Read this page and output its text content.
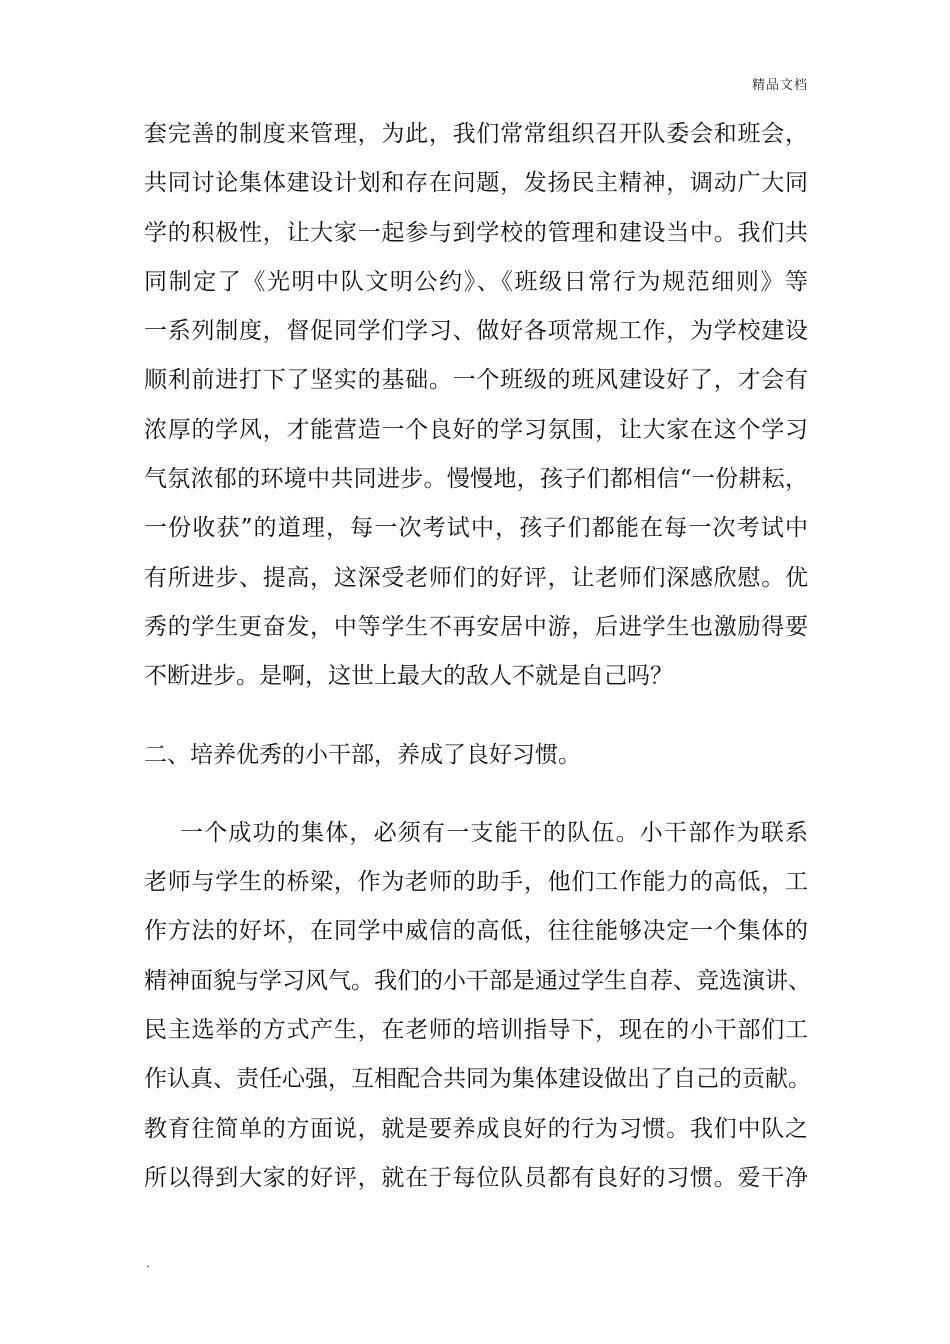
精品文档
套完善的制度来管理，为此，我们常常组织召开队委会和班会，
共同讨论集体建设计划和存在问题，发扬民主精神，调动广大同
学的积极性，让大家一起参与到学校的管理和建设当中。我们共
同制定了《光明中队文明公约》、《班级日常行为规范细则》等
一系列制度，督促同学们学习、做好各项常规工作，为学校建设
顺利前进打下了坚实的基础。一个班级的班风建设好了，才会有
浓厚的学风，才能营造一个良好的学习氛围，让大家在这个学习
气氛浓郁的环境中共同进步。慢慢地，孩子们都相信“一份耕耘，
一份收获”的道理，每一次考试中，孩子们都能在每一次考试中
有所进步、提高，这深受老师们的好评，让老师们深感欣慰。优
秀的学生更奋发，中等学生不再安居中游，后进学生也激励得要
不断进步。是啊，这世上最大的敌人不就是自己吗？
二、培养优秀的小干部，养成了良好习惯。
一个成功的集体，必须有一支能干的队伍。小干部作为联系
老师与学生的桥梁，作为老师的助手，他们工作能力的高低，工
作方法的好坏，在同学中威信的高低，往往能够决定一个集体的
精神面貌与学习风气。我们的小干部是通过学生自荐、竞选演讲、
民主选举的方式产生，在老师的培训指导下，现在的小干部们工
作认真、责任心强，互相配合共同为集体建设做出了自己的贡献。
教育往简单的方面说，就是要养成良好的行为习惯。我们中队之
所以得到大家的好评，就在于每位队员都有良好的习惯。爱干净
.
